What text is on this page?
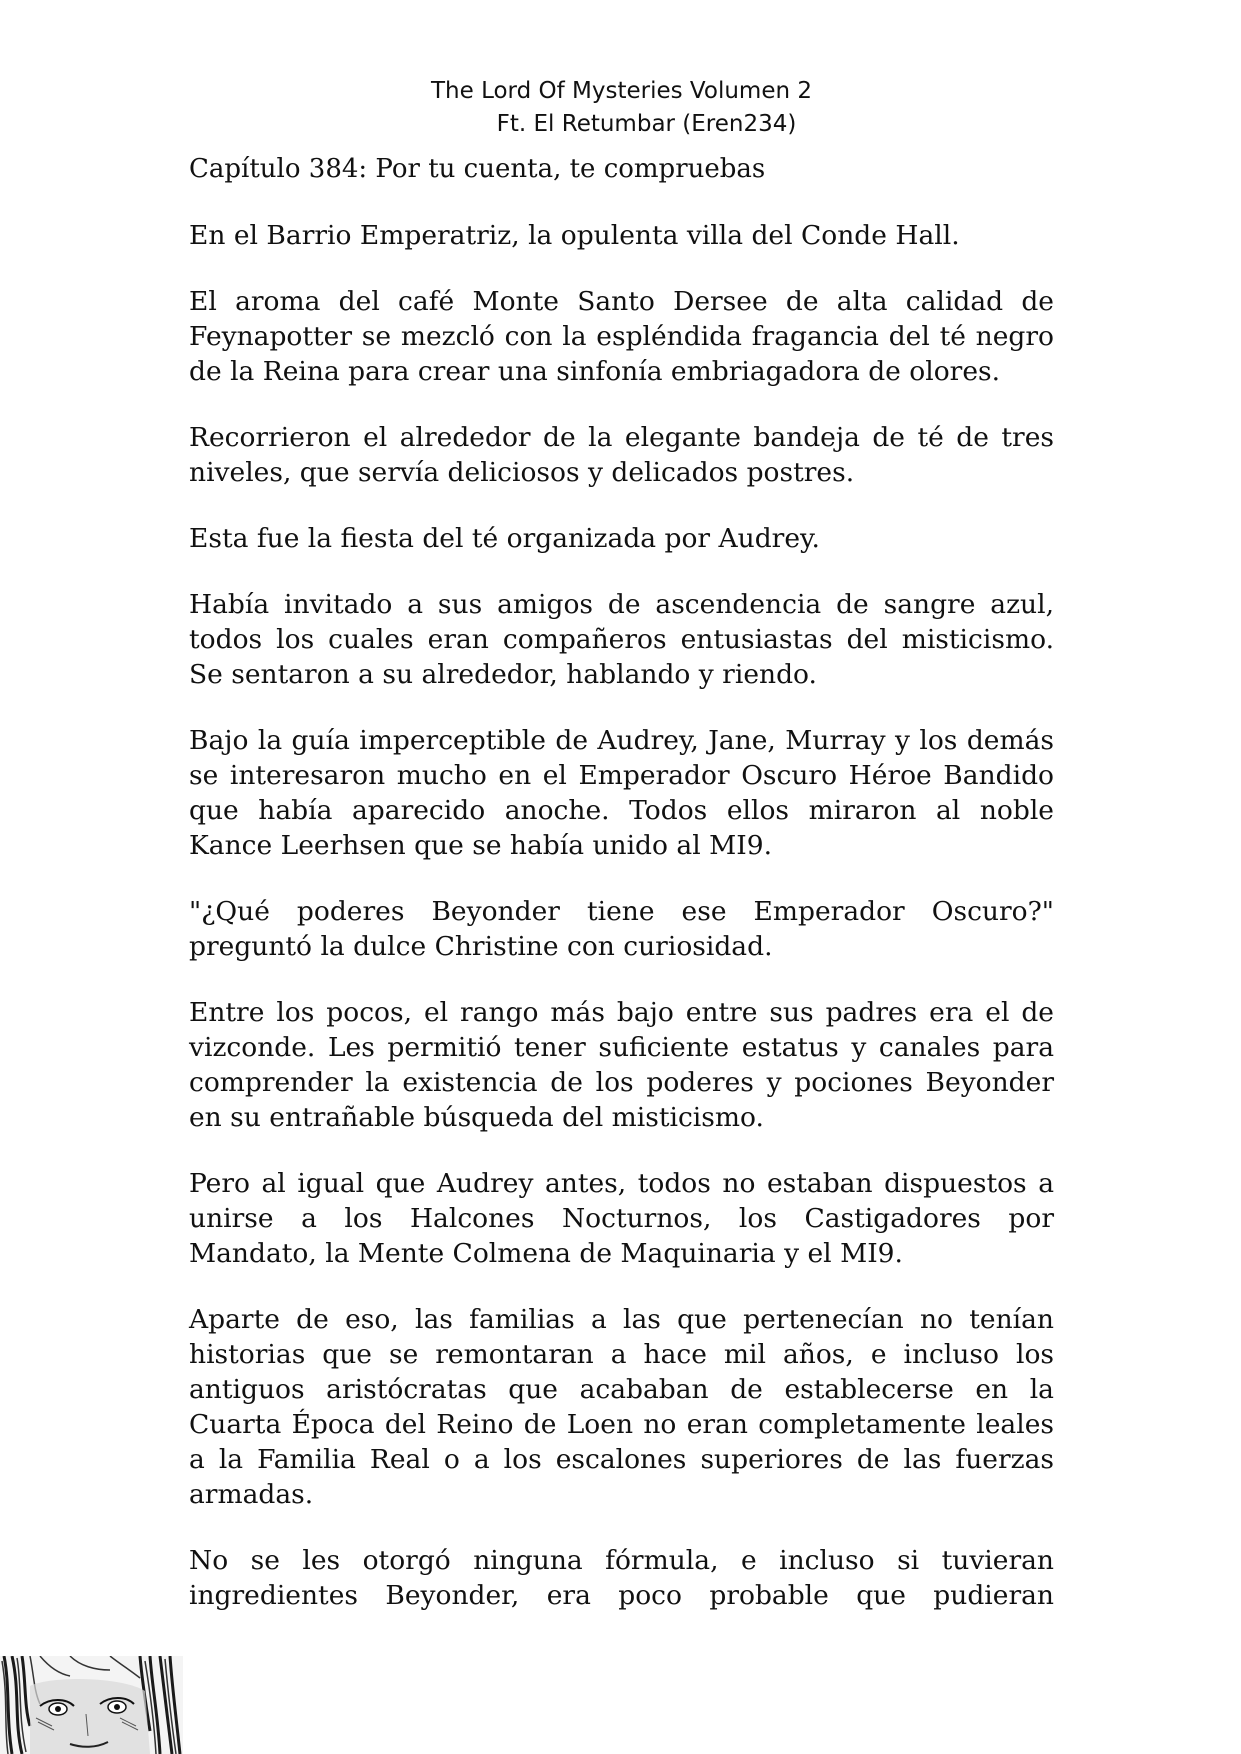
The Lord Of Mysteries Volumen 2
Ft. El Retumbar (Eren234)
Capítulo 384: Por tu cuenta, te compruebas

En el Barrio Emperatriz, la opulenta villa del Conde Hall.

El aroma del café Monte Santo Dersee de alta calidad de Feynapotter se mezcló con la espléndida fragancia del té negro de la Reina para crear una sinfonía embriagadora de olores.

Recorrieron el alrededor de la elegante bandeja de té de tres niveles, que servía deliciosos y delicados postres.

Esta fue la fiesta del té organizada por Audrey.

Había invitado a sus amigos de ascendencia de sangre azul, todos los cuales eran compañeros entusiastas del misticismo. Se sentaron a su alrededor, hablando y riendo.

Bajo la guía imperceptible de Audrey, Jane, Murray y los demás se interesaron mucho en el Emperador Oscuro Héroe Bandido que había aparecido anoche. Todos ellos miraron al noble Kance Leerhsen que se había unido al MI9.

"¿Qué poderes Beyonder tiene ese Emperador Oscuro?" preguntó la dulce Christine con curiosidad.

Entre los pocos, el rango más bajo entre sus padres era el de vizconde. Les permitió tener suficiente estatus y canales para comprender la existencia de los poderes y pociones Beyonder en su entrañable búsqueda del misticismo.

Pero al igual que Audrey antes, todos no estaban dispuestos a unirse a los Halcones Nocturnos, los Castigadores por Mandato, la Mente Colmena de Maquinaria y el MI9.

Aparte de eso, las familias a las que pertenecían no tenían historias que se remontaran a hace mil años, e incluso los antiguos aristócratas que acababan de establecerse en la Cuarta Época del Reino de Loen no eran completamente leales a la Familia Real o a los escalones superiores de las fuerzas armadas.

No se les otorgó ninguna fórmula, e incluso si tuvieran ingredientes Beyonder, era poco probable que pudieran
